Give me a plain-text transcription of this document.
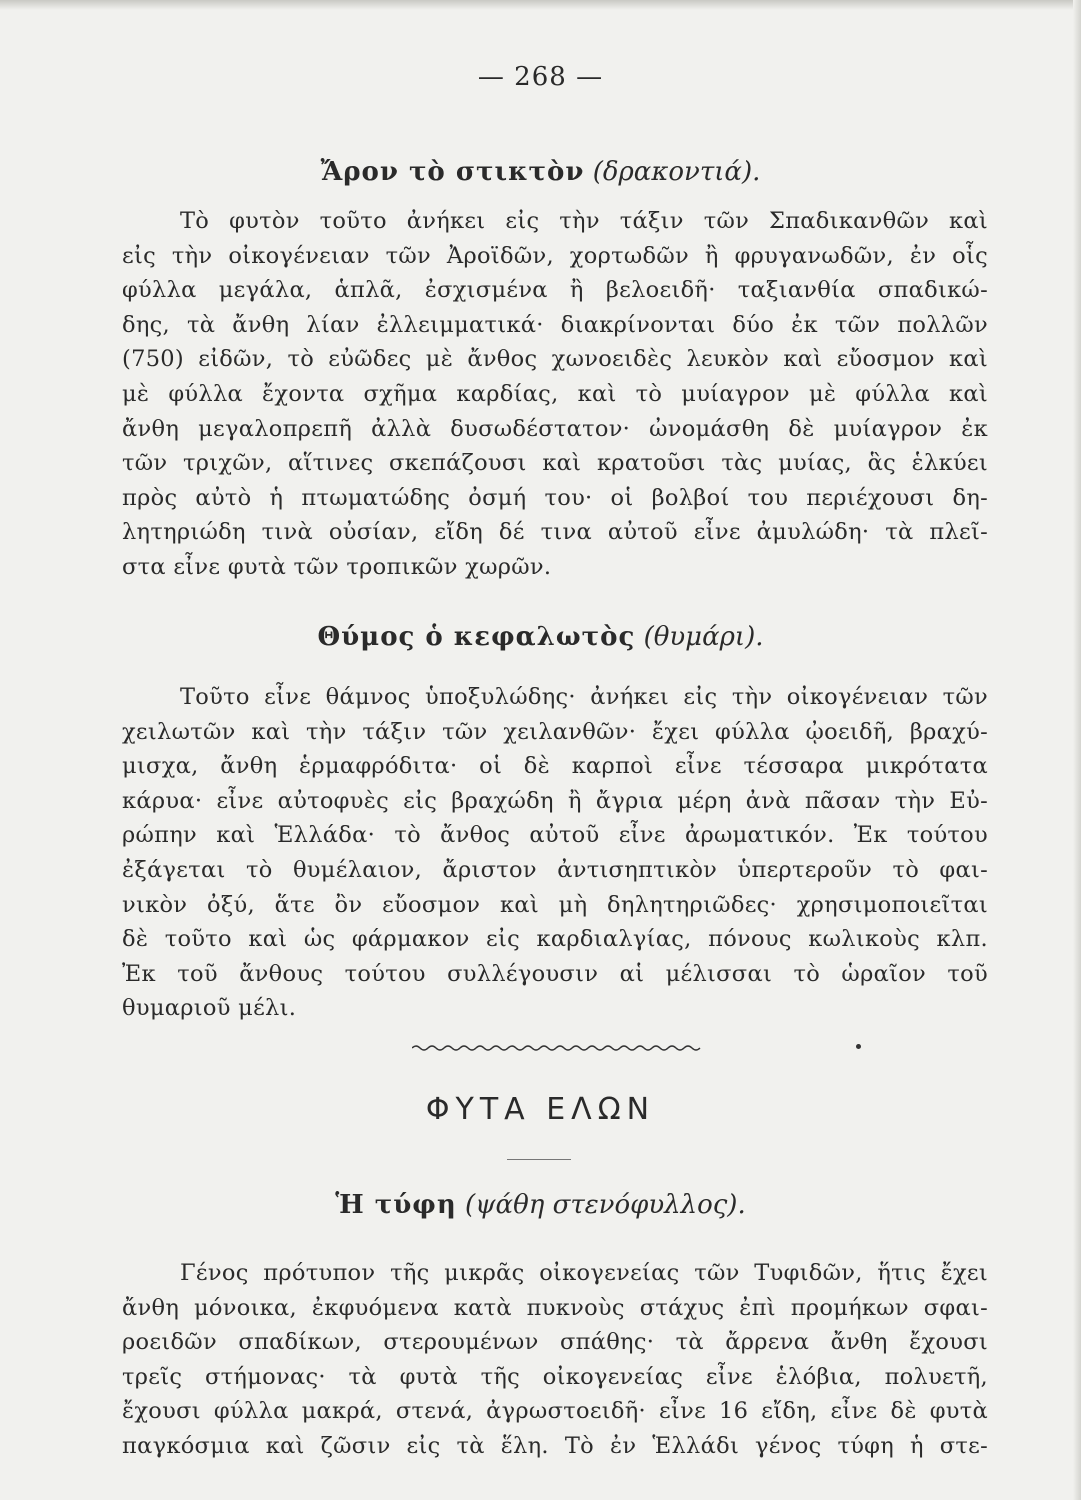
— 268 —
Ἄρον τὸ στικτὸν (δρακοντιά).
Τὸ φυτὸν τοῦτο ἀνήκει εἰς τὴν τάξιν τῶν Σπαδικανθῶν καὶ
εἰς τὴν οἰκογένειαν τῶν Ἀροϊδῶν, χορτωδῶν ἢ φρυγανωδῶν, ἐν οἷς
φύλλα μεγάλα, ἁπλᾶ, ἐσχισμένα ἢ βελοειδῆ· ταξιανθία σπαδικώ-
δης, τὰ ἄνθη λίαν ἐλλειμματικά· διακρίνονται δύο ἐκ τῶν πολλῶν
(750) εἰδῶν, τὸ εὐῶδες μὲ ἄνθος χωνοειδὲς λευκὸν καὶ εὔοσμον καὶ
μὲ φύλλα ἔχοντα σχῆμα καρδίας, καὶ τὸ μυίαγρον μὲ φύλλα καὶ
ἄνθη μεγαλοπρεπῆ ἀλλὰ δυσωδέστατον· ὠνομάσθη δὲ μυίαγρον ἐκ
τῶν τριχῶν, αἵτινες σκεπάζουσι καὶ κρατοῦσι τὰς μυίας, ἃς ἑλκύει
πρὸς αὐτὸ ἡ πτωματώδης ὀσμή του· οἱ βολβοί του περιέχουσι δη-
λητηριώδη τινὰ οὐσίαν, εἴδη δέ τινα αὐτοῦ εἶνε ἀμυλώδη· τὰ πλεῖ-
στα εἶνε φυτὰ τῶν τροπικῶν χωρῶν.
Θύμος ὁ κεφαλωτὸς (θυμάρι).
Τοῦτο εἶνε θάμνος ὑποξυλώδης· ἀνήκει εἰς τὴν οἰκογένειαν τῶν
χειλωτῶν καὶ τὴν τάξιν τῶν χειλανθῶν· ἔχει φύλλα ᾠοειδῆ, βραχύ-
μισχα, ἄνθη ἑρμαφρόδιτα· οἱ δὲ καρποὶ εἶνε τέσσαρα μικρότατα
κάρυα· εἶνε αὐτοφυὲς εἰς βραχώδη ἢ ἄγρια μέρη ἀνὰ πᾶσαν τὴν Εὐ-
ρώπην καὶ Ἑλλάδα· τὸ ἄνθος αὐτοῦ εἶνε ἀρωματικόν. Ἐκ τούτου
ἐξάγεται τὸ θυμέλαιον, ἄριστον ἀντισηπτικὸν ὑπερτεροῦν τὸ φαι-
νικὸν ὀξύ, ἅτε ὂν εὔοσμον καὶ μὴ δηλητηριῶδες· χρησιμοποιεῖται
δὲ τοῦτο καὶ ὡς φάρμακον εἰς καρδιαλγίας, πόνους κωλικοὺς κλπ.
Ἐκ τοῦ ἄνθους τούτου συλλέγουσιν αἱ μέλισσαι τὸ ὡραῖον τοῦ
θυμαριοῦ μέλι.
ΦΥΤΑ ΕΛΩΝ
Ἡ τύφη (ψάθη στενόφυλλος).
Γένος πρότυπον τῆς μικρᾶς οἰκογενείας τῶν Τυφιδῶν, ἥτις ἔχει
ἄνθη μόνοικα, ἐκφυόμενα κατὰ πυκνοὺς στάχυς ἐπὶ προμήκων σφαι-
ροειδῶν σπαδίκων, στερουμένων σπάθης· τὰ ἄρρενα ἄνθη ἔχουσι
τρεῖς στήμονας· τὰ φυτὰ τῆς οἰκογενείας εἶνε ἑλόβια, πολυετῆ,
ἔχουσι φύλλα μακρά, στενά, ἀγρωστοειδῆ· εἶνε 16 εἴδη, εἶνε δὲ φυτὰ
παγκόσμια καὶ ζῶσιν εἰς τὰ ἕλη. Τὸ ἐν Ἑλλάδι γένος τύφη ἡ στε-
